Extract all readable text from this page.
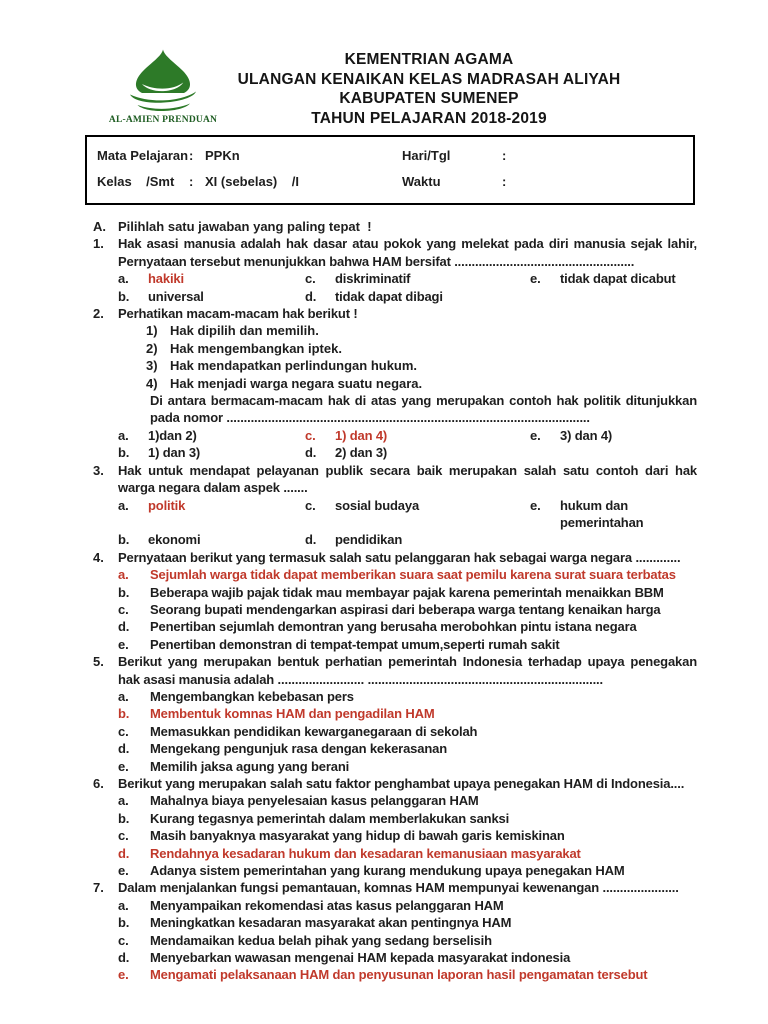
AL-AMIEN PRENDUAN
KEMENTRIAN AGAMA
ULANGAN KENAIKAN KELAS MADRASAH ALIYAH
KABUPATEN SUMENEP
TAHUN PELAJARAN 2018-2019
Mata Pelajaran : PPKn	Hari/Tgl	:
Kelas    /Smt	: XI (sebelas)    /I	Waktu	:
A. Pilihlah satu jawaban yang paling tepat  !
1.	Hak asasi manusia adalah hak dasar atau pokok yang melekat pada diri manusia sejak lahir, Pernyataan tersebut menunjukkan bahwa HAM bersifat ....................................................

a.	hakiki	c.	diskriminatif	e.	tidak dapat dicabut
b.	universal	d.	tidak dapat dibagi
2.	Perhatikan macam-macam hak berikut !

1) Hak dipilih dan memilih.
2) Hak mengembangkan iptek.
3) Hak mendapatkan perlindungan hukum.
4) Hak menjadi warga negara suatu negara.

Di antara bermacam-macam hak di atas yang merupakan contoh hak politik ditunjukkan pada nomor .........................................................................................................

a.	1)dan 2)	c.	1) dan 4)	e.	3) dan 4)
b.	1) dan 3)	d.	2) dan 3)
3.	Hak untuk mendapat pelayanan publik secara baik merupakan salah satu contoh dari hak warga negara dalam aspek .......

a.	politik	c.	sosial budaya	e.	hukum dan pemerintahan
b.	ekonomi	d.	pendidikan
4.	Pernyataan berikut yang termasuk salah satu pelanggaran hak sebagai warga negara .............

a.	Sejumlah warga tidak dapat memberikan suara saat pemilu karena surat suara terbatas
b.	Beberapa wajib pajak tidak mau membayar pajak karena pemerintah menaikkan BBM
c.	Seorang bupati mendengarkan aspirasi dari beberapa warga tentang kenaikan harga
d.	Penertiban sejumlah demontran yang berusaha merobohkan pintu istana negara
e.	Penertiban demonstran di tempat-tempat umum,seperti rumah sakit
5.	Berikut yang merupakan bentuk perhatian pemerintah Indonesia terhadap upaya penegakan hak asasi manusia adalah ......................... ....................................................................

a.	Mengembangkan kebebasan pers
b.	Membentuk komnas HAM dan pengadilan HAM
c.	Memasukkan pendidikan kewarganegaraan di sekolah
d.	Mengekang pengunjuk rasa dengan kekerasanan
e.	Memilih jaksa agung yang berani
6.	Berikut yang merupakan salah satu faktor penghambat upaya penegakan HAM di Indonesia....

a.	Mahalnya biaya penyelesaian kasus pelanggaran HAM
b.	Kurang tegasnya pemerintah dalam memberlakukan sanksi
c.	Masih banyaknya masyarakat yang hidup di bawah garis kemiskinan
d.	Rendahnya kesadaran hukum dan kesadaran kemanusiaan masyarakat
e.	Adanya sistem pemerintahan yang kurang mendukung upaya penegakan HAM
7.	Dalam menjalankan fungsi pemantauan, komnas HAM mempunyai kewenangan ......................

a.	Menyampaikan rekomendasi atas kasus pelanggaran HAM
b.	Meningkatkan kesadaran masyarakat akan pentingnya HAM
c.	Mendamaikan kedua belah pihak yang sedang berselisih
d.	Menyebarkan wawasan mengenai HAM kepada masyarakat indonesia
e.	Mengamati pelaksanaan HAM dan penyusunan laporan hasil pengamatan tersebut
